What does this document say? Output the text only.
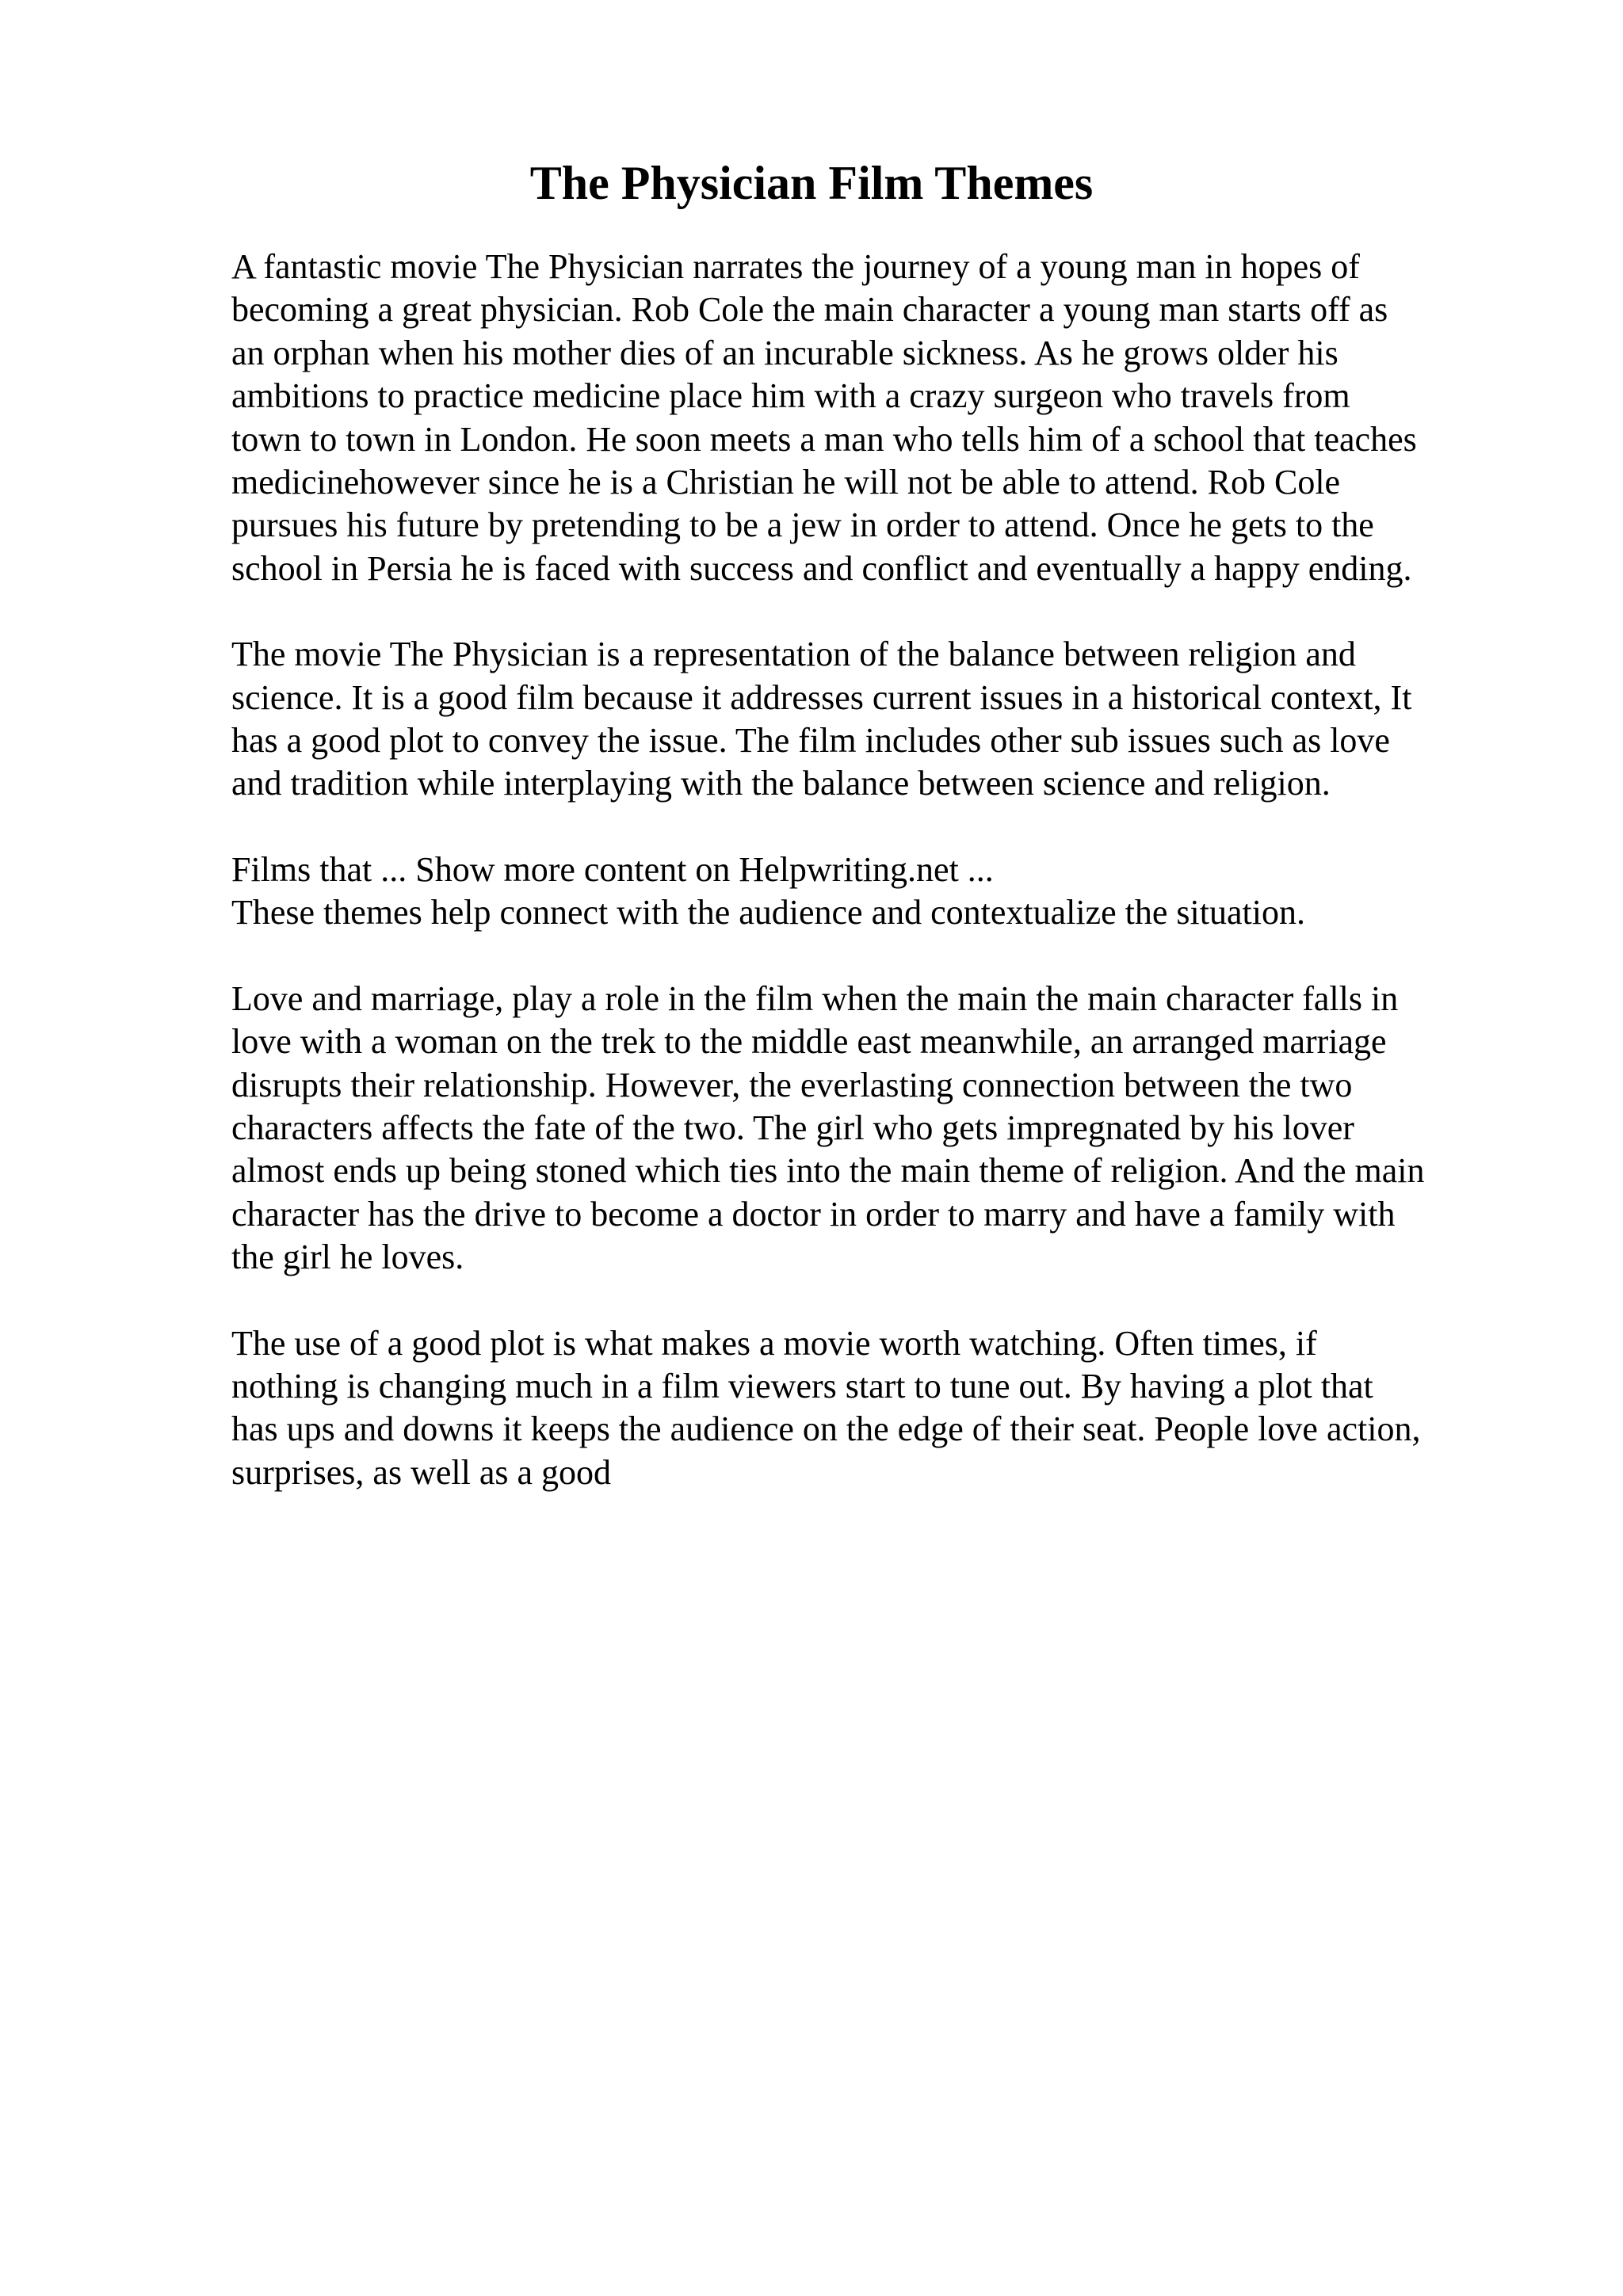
The Physician Film Themes

A fantastic movie The Physician narrates the journey of a young man in hopes of
becoming a great physician. Rob Cole the main character a young man starts off as
an orphan when his mother dies of an incurable sickness. As he grows older his
ambitions to practice medicine place him with a crazy surgeon who travels from
town to town in London. He soon meets a man who tells him of a school that teaches
medicinehowever since he is a Christian he will not be able to attend. Rob Cole
pursues his future by pretending to be a jew in order to attend. Once he gets to the
school in Persia he is faced with success and conflict and eventually a happy ending.

The movie The Physician is a representation of the balance between religion and
science. It is a good film because it addresses current issues in a historical context, It
has a good plot to convey the issue. The film includes other sub issues such as love
and tradition while interplaying with the balance between science and religion.

Films that ... Show more content on Helpwriting.net ...
These themes help connect with the audience and contextualize the situation.

Love and marriage, play a role in the film when the main the main character falls in
love with a woman on the trek to the middle east meanwhile, an arranged marriage
disrupts their relationship. However, the everlasting connection between the two
characters affects the fate of the two. The girl who gets impregnated by his lover
almost ends up being stoned which ties into the main theme of religion. And the main
character has the drive to become a doctor in order to marry and have a family with
the girl he loves.

The use of a good plot is what makes a movie worth watching. Often times, if
nothing is changing much in a film viewers start to tune out. By having a plot that
has ups and downs it keeps the audience on the edge of their seat. People love action,
surprises, as well as a good
